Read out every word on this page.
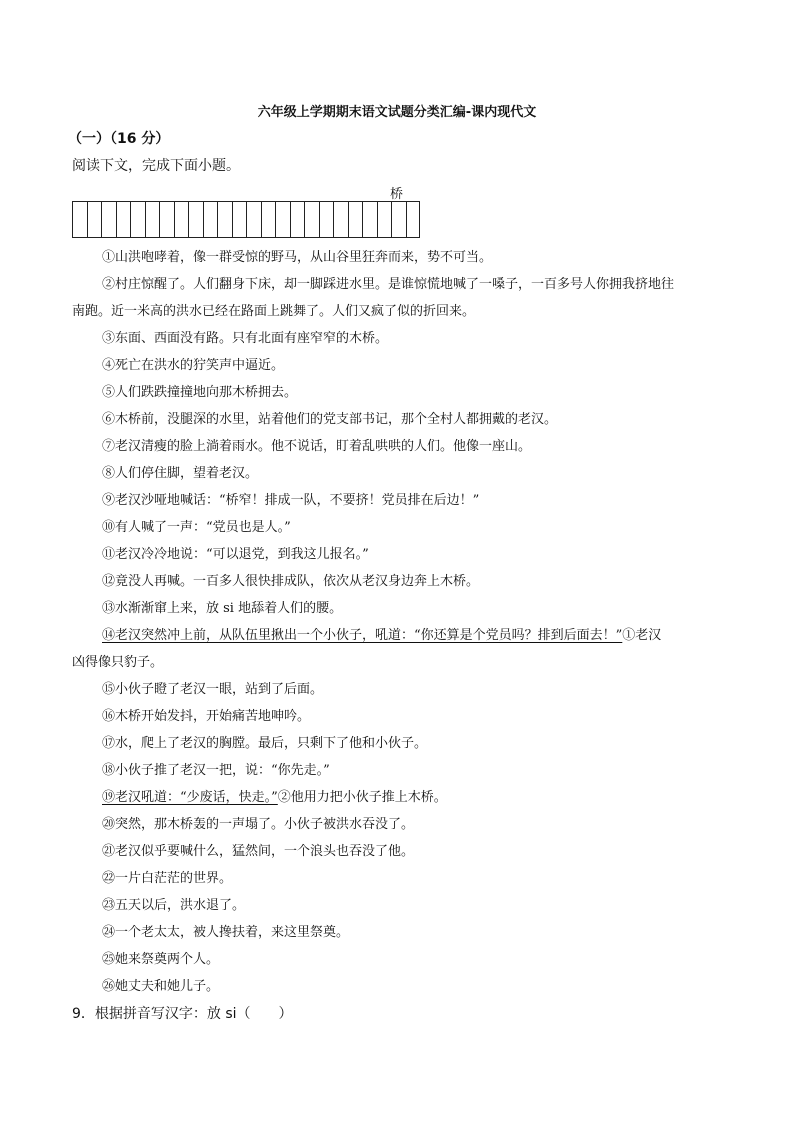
六年级上学期期末语文试题分类汇编-课内现代文
（一）（16 分）
阅读下文，完成下面小题。
桥
①山洪咆哮着，像一群受惊的野马，从山谷里狂奔而来，势不可当。
②村庄惊醒了。人们翻身下床，却一脚踩进水里。是谁惊慌地喊了一嗓子，一百多号人你拥我挤地往
南跑。近一米高的洪水已经在路面上跳舞了。人们又疯了似的折回来。
③东面、西面没有路。只有北面有座窄窄的木桥。
④死亡在洪水的狞笑声中逼近。
⑤人们跌跌撞撞地向那木桥拥去。
⑥木桥前，没腿深的水里，站着他们的党支部书记，那个全村人都拥戴的老汉。
⑦老汉清瘦的脸上淌着雨水。他不说话，盯着乱哄哄的人们。他像一座山。
⑧人们停住脚，望着老汉。
⑨老汉沙哑地喊话：“桥窄！排成一队，不要挤！党员排在后边！”
⑩有人喊了一声：“党员也是人。”
⑪老汉冷冷地说：“可以退党，到我这儿报名。”
⑫竟没人再喊。一百多人很快排成队，依次从老汉身边奔上木桥。
⑬水渐渐窜上来，放 si 地舔着人们的腰。
⑭老汉突然冲上前，从队伍里揪出一个小伙子，吼道：“你还算是个党员吗？排到后面去！”①老汉
凶得像只豹子。
⑮小伙子瞪了老汉一眼，站到了后面。
⑯木桥开始发抖，开始痛苦地呻吟。
⑰水，爬上了老汉的胸膛。最后，只剩下了他和小伙子。
⑱小伙子推了老汉一把，说：“你先走。”
⑲老汉吼道：“少废话，快走。”②他用力把小伙子推上木桥。
⑳突然，那木桥轰的一声塌了。小伙子被洪水吞没了。
㉑老汉似乎要喊什么，猛然间，一个浪头也吞没了他。
㉒一片白茫茫的世界。
㉓五天以后，洪水退了。
㉔一个老太太，被人搀扶着，来这里祭奠。
㉕她来祭奠两个人。
㉖她丈夫和她儿子。
9．根据拼音写汉字：放 si（　　）
